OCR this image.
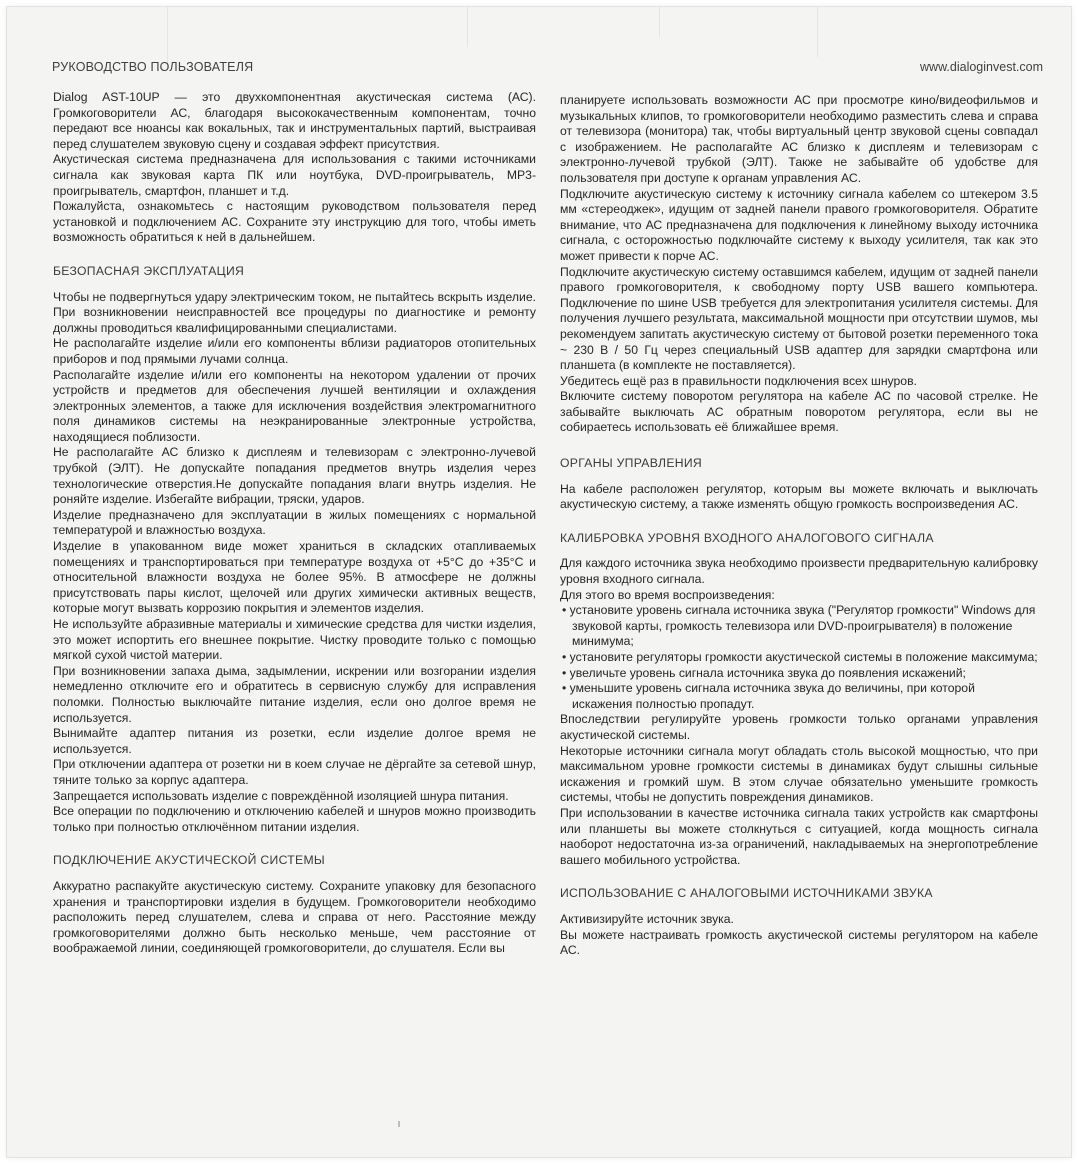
РУКОВОДСТВО ПОЛЬЗОВАТЕЛЯ	www.dialoginvest.com

Dialog AST-10UP — это двухкомпонентная акустическая система (АС). Громкоговорители АС, благодаря высококачественным компонентам, точно передают все нюансы как вокальных, так и инструментальных партий, выстраивая перед слушателем звуковую сцену и создавая эффект присутствия.

Акустическая система предназначена для использования с такими источниками сигнала как звуковая карта ПК или ноутбука, DVD-проигрыватель, MP3-проигрыватель, смартфон, планшет и т.д.

Пожалуйста, ознакомьтесь с настоящим руководством пользователя перед установкой и подключением АС. Сохраните эту инструкцию для того, чтобы иметь возможность обратиться к ней в дальнейшем.

БЕЗОПАСНАЯ ЭКСПЛУАТАЦИЯ

Чтобы не подвергнуться удару электрическим током, не пытайтесь вскрыть изделие. При возникновении неисправностей все процедуры по диагностике и ремонту должны проводиться квалифицированными специалистами.

Не располагайте изделие и/или его компоненты вблизи радиаторов отопительных приборов и под прямыми лучами солнца.

Располагайте изделие и/или его компоненты на некотором удалении от прочих устройств и предметов для обеспечения лучшей вентиляции и охлаждения электронных элементов, а также для исключения воздействия электромагнитного поля динамиков системы на неэкранированные электронные устройства, находящиеся поблизости.

Не располагайте АС близко к дисплеям и телевизорам с электронно-лучевой трубкой (ЭЛТ). Не допускайте попадания предметов внутрь изделия через технологические отверстия.Не допускайте попадания влаги внутрь изделия. Не роняйте изделие. Избегайте вибрации, тряски, ударов.

Изделие предназначено для эксплуатации в жилых помещениях с нормальной температурой и влажностью воздуха.

Изделие в упакованном виде может храниться в складских отапливаемых помещениях и транспортироваться при температуре воздуха от +5°С до +35°С и относительной влажности воздуха не более 95%. В атмосфере не должны присутствовать пары кислот, щелочей или других химически активных веществ, которые могут вызвать коррозию покрытия и элементов изделия.

Не используйте абразивные материалы и химические средства для чистки изделия, это может испортить его внешнее покрытие. Чистку проводите только с помощью мягкой сухой чистой материи.

При возникновении запаха дыма, задымлении, искрении или возгорании изделия немедленно отключите его и обратитесь в сервисную службу для исправления поломки. Полностью выключайте питание изделия, если оно долгое время не используется.

Вынимайте адаптер питания из розетки, если изделие долгое время не используется.

При отключении адаптера от розетки ни в коем случае не дёргайте за сетевой шнур, тяните только за корпус адаптера.

Запрещается использовать изделие с повреждённой изоляцией шнура питания.

Все операции по подключению и отключению кабелей и шнуров можно производить только при полностью отключённом питании изделия.

ПОДКЛЮЧЕНИЕ АКУСТИЧЕСКОЙ СИСТЕМЫ

Аккуратно распакуйте акустическую систему. Сохраните упаковку для безопасного хранения и транспортировки изделия в будущем. Громкоговорители необходимо расположить перед слушателем, слева и справа от него. Расстояние между громкоговорителями должно быть несколько меньше, чем расстояние от воображаемой линии, соединяющей громкоговорители, до слушателя. Если вы

планируете использовать возможности АС при просмотре кино/видеофильмов и музыкальных клипов, то громкоговорители необходимо разместить слева и справа от телевизора (монитора) так, чтобы виртуальный центр звуковой сцены совпадал с изображением. Не располагайте АС близко к дисплеям и телевизорам с электронно-лучевой трубкой (ЭЛТ). Также не забывайте об удобстве для пользователя при доступе к органам управления АС.

Подключите акустическую систему к источнику сигнала кабелем со штекером 3.5 мм «стереоджек», идущим от задней панели правого громкоговорителя. Обратите внимание, что АС предназначена для подключения к линейному выходу источника сигнала, с осторожностью подключайте систему к выходу усилителя, так как это может привести к порче АС.

Подключите акустическую систему оставшимся кабелем, идущим от задней панели правого громкоговорителя, к свободному порту USB вашего компьютера. Подключение по шине USB требуется для электропитания усилителя системы. Для получения лучшего результата, максимальной мощности при отсутствии шумов, мы рекомендуем запитать акустическую систему от бытовой розетки переменного тока ~ 230 В / 50 Гц через специальный USB адаптер для зарядки смартфона или планшета (в комплекте не поставляется).

Убедитесь ещё раз в правильности подключения всех шнуров.

Включите систему поворотом регулятора на кабеле АС по часовой стрелке. Не забывайте выключать АС обратным поворотом регулятора, если вы не собираетесь использовать её ближайшее время.

ОРГАНЫ УПРАВЛЕНИЯ

На кабеле расположен регулятор, которым вы можете включать и выключать акустическую систему, а также изменять общую громкость воспроизведения АС.

КАЛИБРОВКА УРОВНЯ ВХОДНОГО АНАЛОГОВОГО СИГНАЛА

Для каждого источника звука необходимо произвести предварительную калибровку уровня входного сигнала.

Для этого во время воспроизведения:

• установите уровень сигнала источника звука ("Регулятор громкости" Windows для звуковой карты, громкость телевизора или DVD-проигрывателя) в положение минимума;
• установите регуляторы громкости акустической системы в положение максимума;
• увеличьте уровень сигнала источника звука до появления искажений;
• уменьшите уровень сигнала источника звука до величины, при которой искажения полностью пропадут.

Впоследствии регулируйте уровень громкости только органами управления акустической системы.

Некоторые источники сигнала могут обладать столь высокой мощностью, что при максимальном уровне громкости системы в динамиках будут слышны сильные искажения и громкий шум. В этом случае обязательно уменьшите громкость системы, чтобы не допустить повреждения динамиков.

При использовании в качестве источника сигнала таких устройств как смартфоны или планшеты вы можете столкнуться с ситуацией, когда мощность сигнала наоборот недостаточна из-за ограничений, накладываемых на энергопотребление вашего мобильного устройства.

ИСПОЛЬЗОВАНИЕ С АНАЛОГОВЫМИ ИСТОЧНИКАМИ ЗВУКА

Активизируйте источник звука.

Вы можете настраивать громкость акустической системы регулятором на кабеле АС.
